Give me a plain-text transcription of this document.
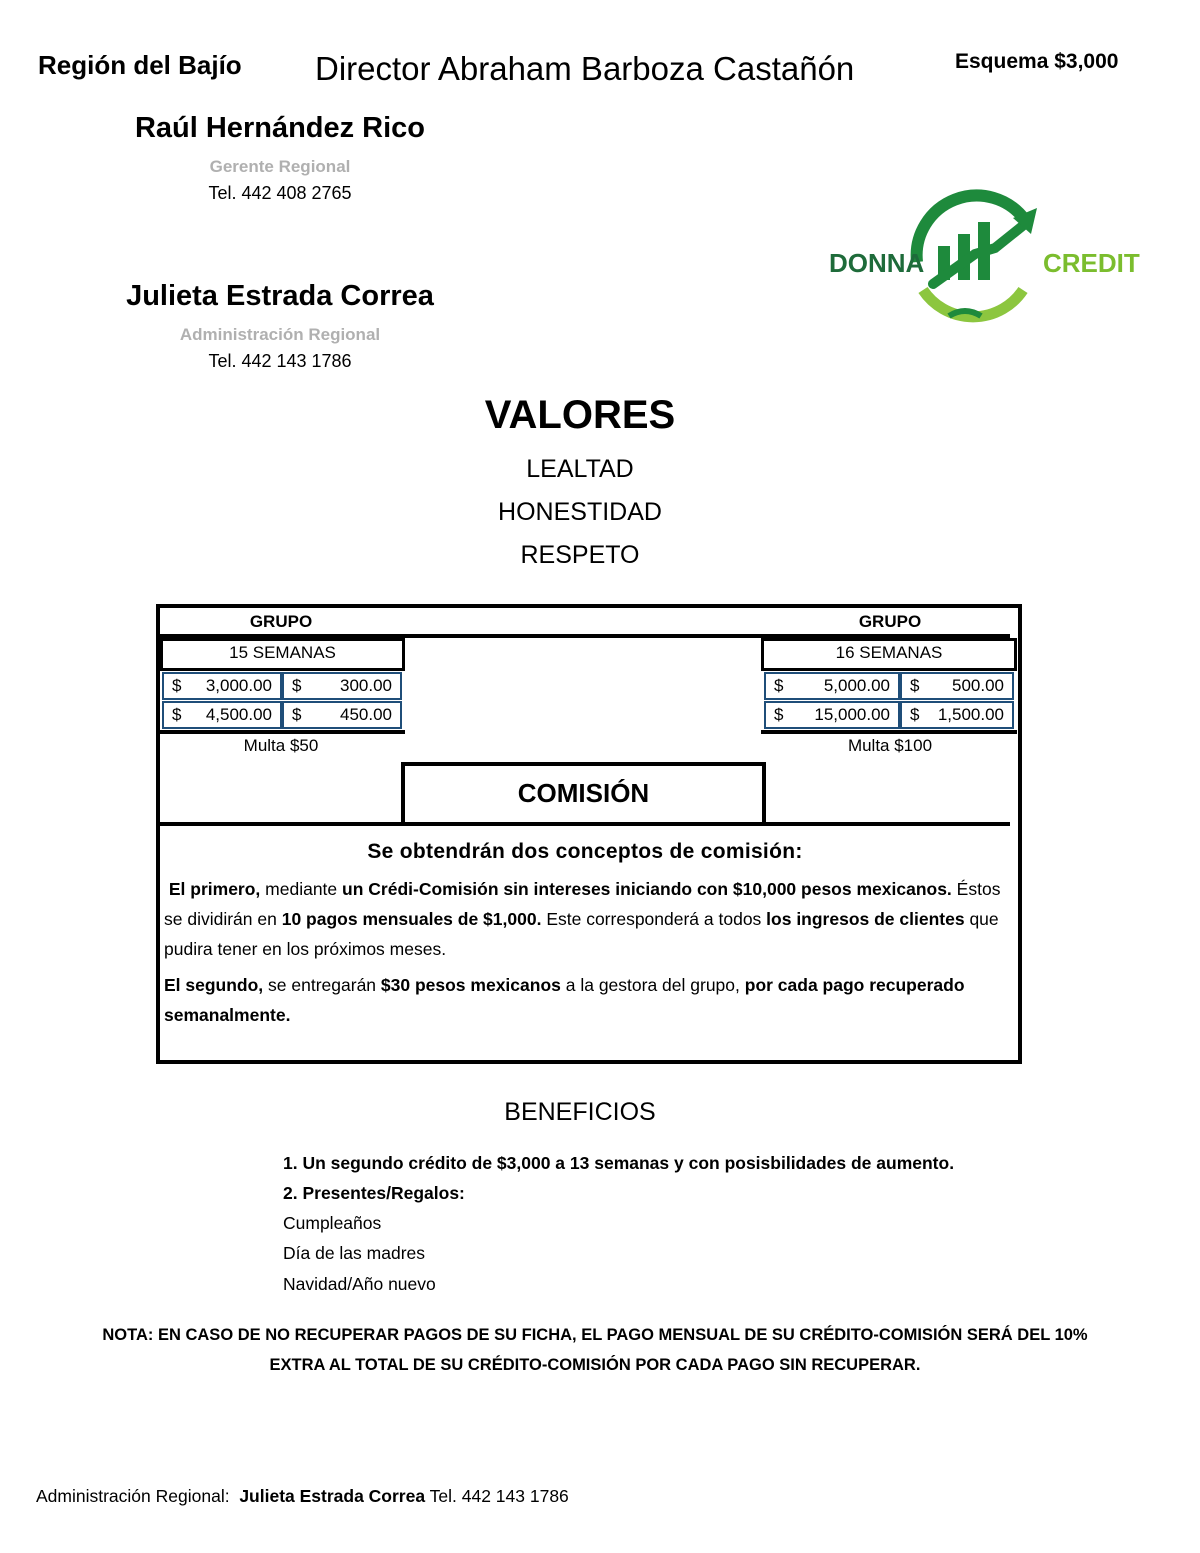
Región del Bajío Director Abraham Barboza Castañón	Esquema $3,000
Raúl Hernández Rico
Gerente Regional
Tel. 442 408 2765
Julieta Estrada Correa
Administración Regional
Tel. 442 143 1786
DONNA	CREDIT
VALORES
LEALTAD
HONESTIDAD
RESPETO
GRUPO
15 SEMANAS
$ 3,000.00 $ 300.00
$ 4,500.00 $ 450.00
Multa $50
GRUPO
16 SEMANAS
$ 5,000.00 $ 500.00
$ 15,000.00 $ 1,500.00
Multa $100
COMISIÓN
Se obtendrán dos conceptos de comisión:
El primero, mediante un Crédi-Comisión sin intereses iniciando con $10,000 pesos mexicanos. Éstos se dividirán en 10 pagos mensuales de $1,000. Este corresponderá a todos los ingresos de clientes que pudira tener en los próximos meses.
El segundo, se entregarán $30 pesos mexicanos a la gestora del grupo, por cada pago recuperado semanalmente.
BENEFICIOS
1. Un segundo crédito de $3,000 a 13 semanas y con posisbilidades de aumento.
2. Presentes/Regalos:
Cumpleaños
Día de las madres
Navidad/Año nuevo
NOTA: EN CASO DE NO RECUPERAR PAGOS DE SU FICHA, EL PAGO MENSUAL DE SU CRÉDITO-COMISIÓN SERÁ DEL 10%
EXTRA AL TOTAL DE SU CRÉDITO-COMISIÓN POR CADA PAGO SIN RECUPERAR.
Administración Regional: Julieta Estrada Correa Tel. 442 143 1786
